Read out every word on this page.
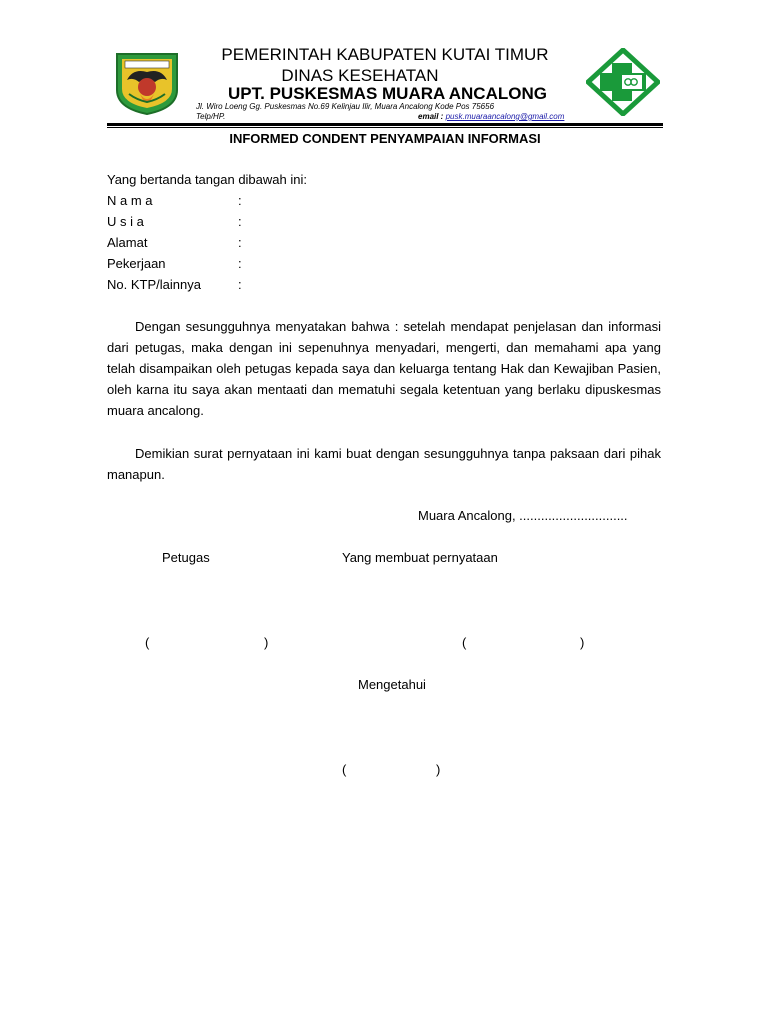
PEMERINTAH KABUPATEN KUTAI TIMUR
DINAS KESEHATAN
UPT. PUSKESMAS MUARA ANCALONG
Jl. Wiro Loeng Gg. Puskesmas No.69 Kelinjau Ilir, Muara Ancalong Kode Pos 75656
Telp/HP.	email : pusk.muaraancalong@gmail.com
INFORMED CONDENT PENYAMPAIAN INFORMASI
Yang bertanda tangan dibawah ini:
N a m a	:
U s i a	:
Alamat	:
Pekerjaan	:
No. KTP/lainnya	:

Dengan sesungguhnya menyatakan bahwa : setelah mendapat penjelasan dan informasi dari petugas, maka dengan ini sepenuhnya menyadari, mengerti, dan memahami apa yang telah disampaikan oleh petugas kepada saya dan keluarga tentang Hak dan Kewajiban Pasien, oleh karna itu saya akan mentaati dan mematuhi segala ketentuan yang berlaku dipuskesmas muara ancalong.

Demikian surat pernyataan ini kami buat dengan sesungguhnya tanpa paksaan dari pihak manapun.

Muara Ancalong, ..............................
Petugas	Yang membuat pernyataan
(	)	(	)
Mengetahui
(	)
